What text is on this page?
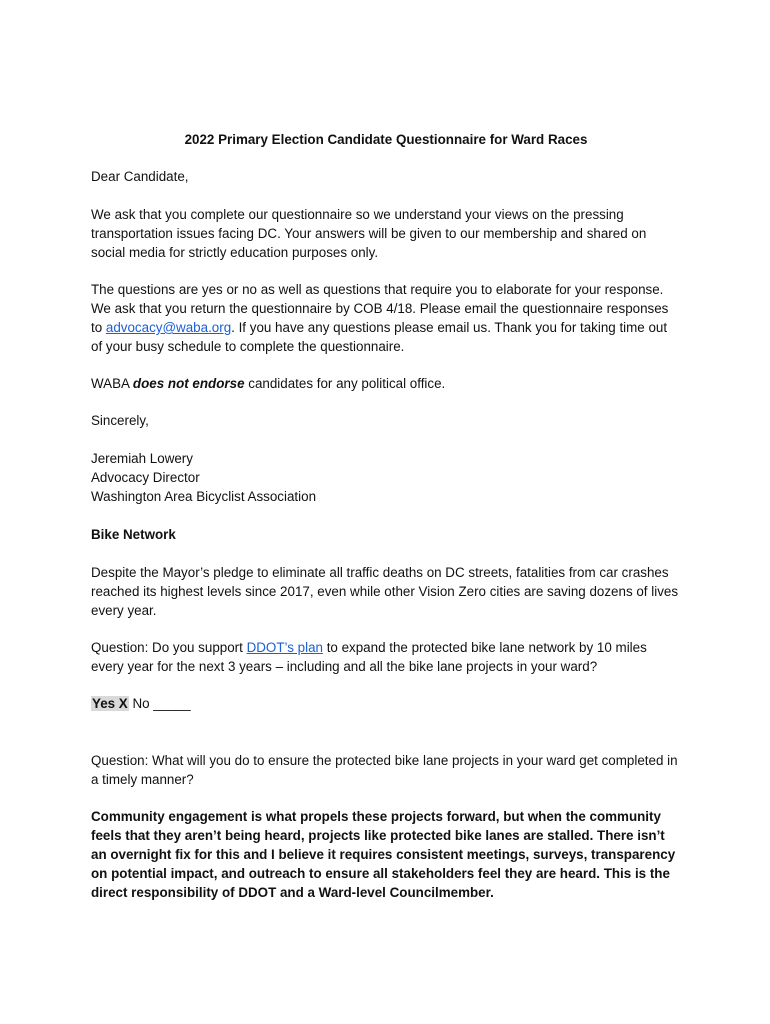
2022 Primary Election Candidate Questionnaire for Ward Races

Dear Candidate,

We ask that you complete our questionnaire so we understand your views on the pressing transportation issues facing DC. Your answers will be given to our membership and shared on social media for strictly education purposes only.

The questions are yes or no as well as questions that require you to elaborate for your response. We ask that you return the questionnaire by COB 4/18. Please email the questionnaire responses to advocacy@waba.org. If you have any questions please email us. Thank you for taking time out of your busy schedule to complete the questionnaire.

WABA does not endorse candidates for any political office.

Sincerely,

Jeremiah Lowery

Advocacy Director

Washington Area Bicyclist Association

Bike Network

Despite the Mayor’s pledge to eliminate all traffic deaths on DC streets, fatalities from car crashes reached its highest levels since 2017, even while other Vision Zero cities are saving dozens of lives every year.

Question: Do you support DDOT’s plan to expand the protected bike lane network by 10 miles every year for the next 3 years – including and all the bike lane projects in your ward?

Yes X No _____

Question: What will you do to ensure the protected bike lane projects in your ward get completed in a timely manner?

Community engagement is what propels these projects forward, but when the community feels that they aren’t being heard, projects like protected bike lanes are stalled. There isn’t an overnight fix for this and I believe it requires consistent meetings, surveys, transparency on potential impact, and outreach to ensure all stakeholders feel they are heard. This is the direct responsibility of DDOT and a Ward-level Councilmember.
